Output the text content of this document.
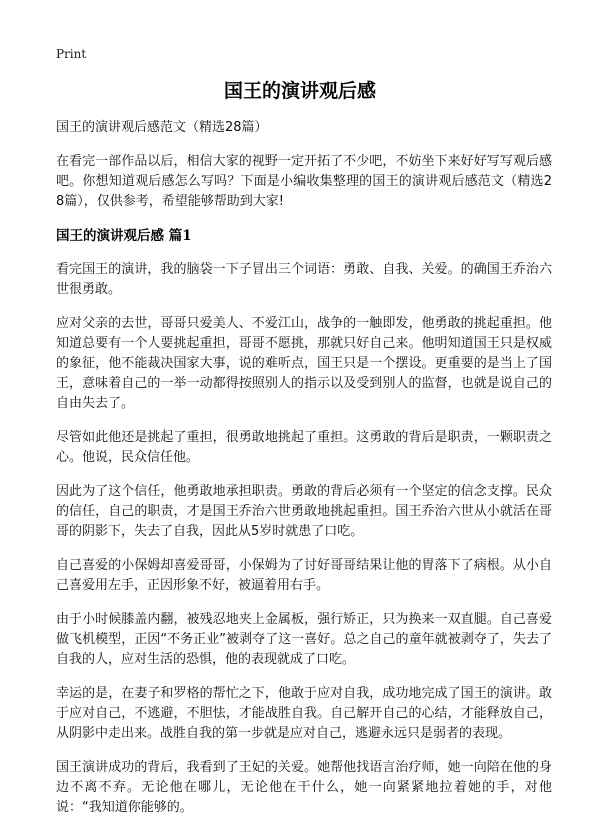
Print
国王的演讲观后感

国王的演讲观后感范文（精选28篇）

在看完一部作品以后，相信大家的视野一定开拓了不少吧，不妨坐下来好好写写观后感吧。你想知道观后感怎么写吗？下面是小编收集整理的国王的演讲观后感范文（精选28篇），仅供参考，希望能够帮助到大家!

国王的演讲观后感 篇1

看完国王的演讲，我的脑袋一下子冒出三个词语：勇敢、自我、关爱。的确国王乔治六世很勇敢。

应对父亲的去世，哥哥只爱美人、不爱江山，战争的一触即发，他勇敢的挑起重担。他知道总要有一个人要挑起重担，哥哥不愿挑，那就只好自己来。他明知道国王只是权威的象征，他不能裁决国家大事，说的难听点，国王只是一个摆设。更重要的是当上了国王，意味着自己的一举一动都得按照别人的指示以及受到别人的监督，也就是说自己的自由失去了。

尽管如此他还是挑起了重担，很勇敢地挑起了重担。这勇敢的背后是职责，一颗职责之心。他说，民众信任他。

因此为了这个信任，他勇敢地承担职责。勇敢的背后必须有一个坚定的信念支撑。民众的信任，自己的职责，才是国王乔治六世勇敢地挑起重担。国王乔治六世从小就活在哥哥的阴影下，失去了自我，因此从5岁时就患了口吃。

自己喜爱的小保姆却喜爱哥哥，小保姆为了讨好哥哥结果让他的胃落下了病根。从小自己喜爱用左手，正因形象不好，被逼着用右手。

由于小时候膝盖内翻，被残忍地夹上金属板，强行矫正，只为换来一双直腿。自己喜爱做飞机模型，正因“不务正业”被剥夺了这一喜好。总之自己的童年就被剥夺了，失去了自我的人，应对生活的恐惧，他的表现就成了口吃。

幸运的是，在妻子和罗格的帮忙之下，他敢于应对自我，成功地完成了国王的演讲。敢于应对自己，不逃避，不胆怯，才能战胜自我。自己解开自己的心结，才能释放自己，从阴影中走出来。战胜自我的第一步就是应对自己，逃避永远只是弱者的表现。

国王演讲成功的背后，我看到了王妃的关爱。她帮他找语言治疗师，她一向陪在他的身边不离不弃。无论他在哪儿，无论他在干什么，她一向紧紧地拉着她的手，对他说：“我知道你能够的。
